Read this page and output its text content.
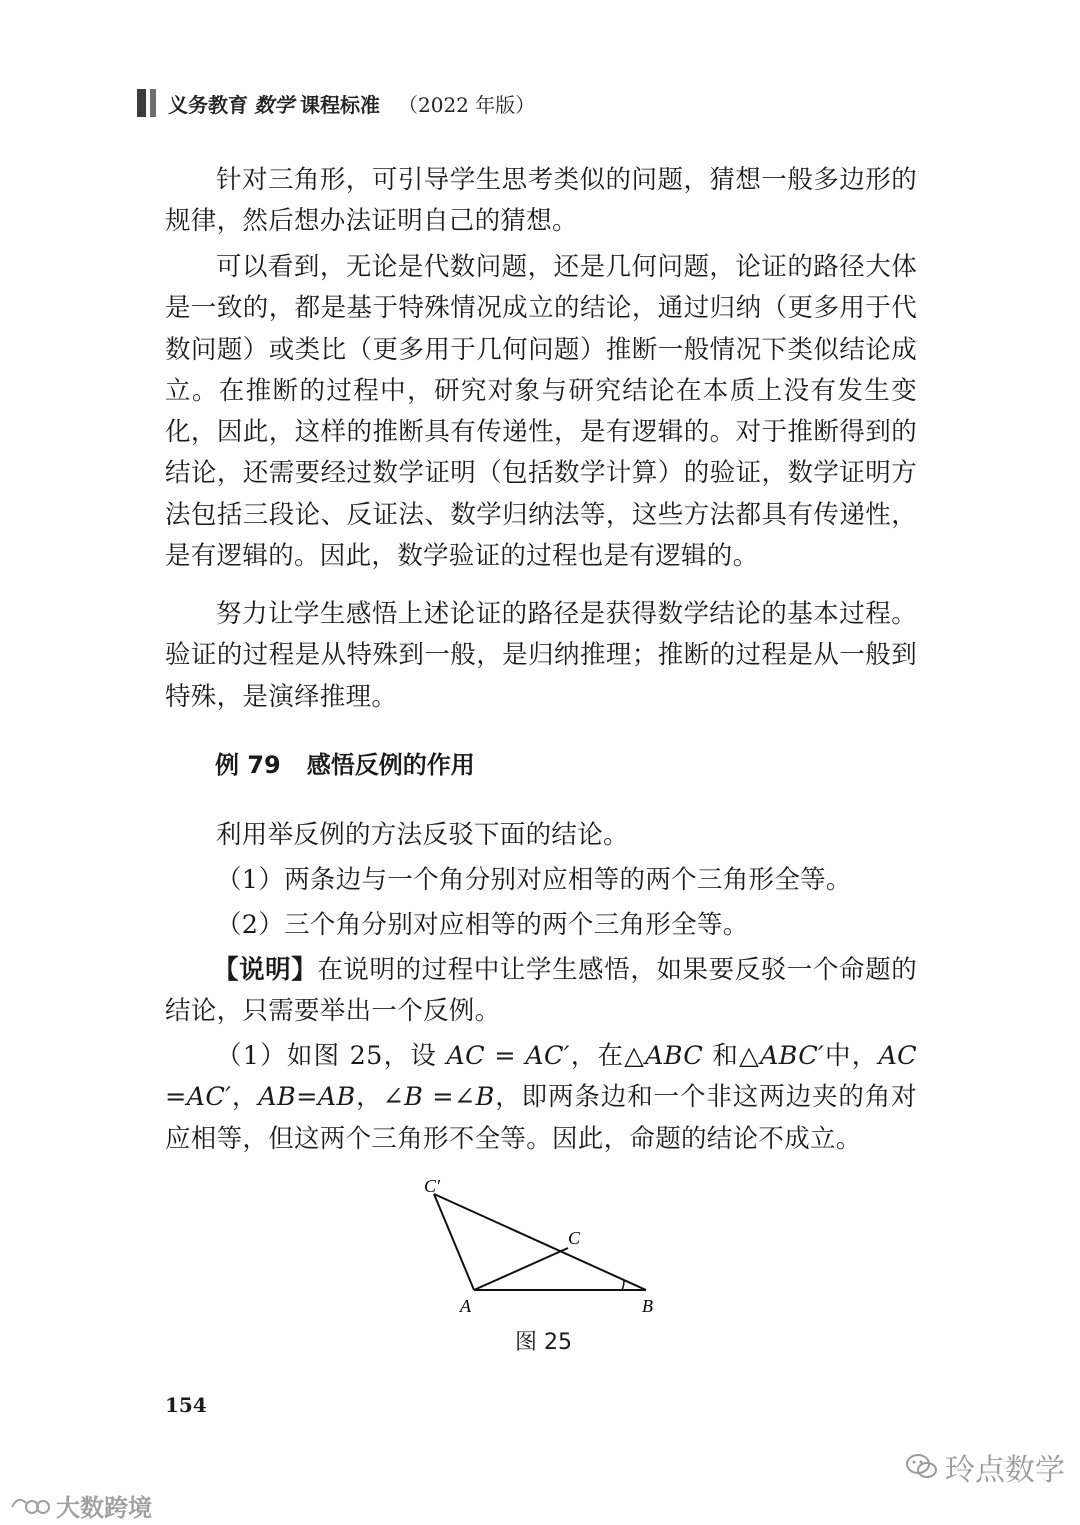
义务教育 数学 课程标准 （2022 年版）

针对三角形，可引导学生思考类似的问题，猜想一般多边形的规律，然后想办法证明自己的猜想。

可以看到，无论是代数问题，还是几何问题，论证的路径大体是一致的，都是基于特殊情况成立的结论，通过归纳（更多用于代数问题）或类比（更多用于几何问题）推断一般情况下类似结论成立。在推断的过程中，研究对象与研究结论在本质上没有发生变化，因此，这样的推断具有传递性，是有逻辑的。对于推断得到的结论，还需要经过数学证明（包括数学计算）的验证，数学证明方法包括三段论、反证法、数学归纳法等，这些方法都具有传递性，是有逻辑的。因此，数学验证的过程也是有逻辑的。

努力让学生感悟上述论证的路径是获得数学结论的基本过程。验证的过程是从特殊到一般，是归纳推理；推断的过程是从一般到特殊，是演绎推理。

例 79 感悟反例的作用

利用举反例的方法反驳下面的结论。

（1）两条边与一个角分别对应相等的两个三角形全等。

（2）三个角分别对应相等的两个三角形全等。

【说明】在说明的过程中让学生感悟，如果要反驳一个命题的结论，只需要举出一个反例。

（1）如图 25，设 AC = AC′，在△ABC 和△ABC′中，AC =AC′，AB=AB，∠B =∠B，即两条边和一个非这两边夹的角对应相等，但这两个三角形不全等。因此，命题的结论不成立。

C′
C
A	B
图 25
154
玲点数学
大数跨境
